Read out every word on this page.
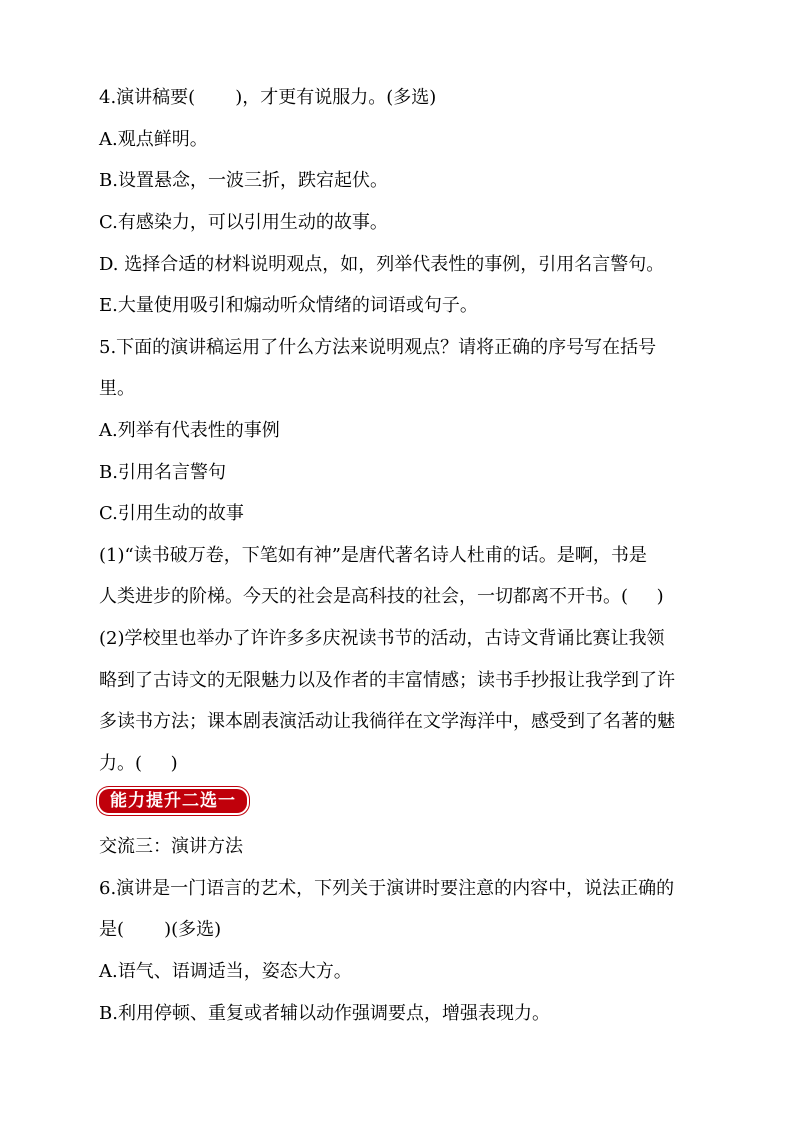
4.演讲稿要(       )，才更有说服力。(多选)
A.观点鲜明。
B.设置悬念，一波三折，跌宕起伏。
C.有感染力，可以引用生动的故事。
D. 选择合适的材料说明观点，如，列举代表性的事例，引用名言警句。
E.大量使用吸引和煽动听众情绪的词语或句子。
5.下面的演讲稿运用了什么方法来说明观点？请将正确的序号写在括号
里。
A.列举有代表性的事例
B.引用名言警句
C.引用生动的故事
(1)“读书破万卷，下笔如有神”是唐代著名诗人杜甫的话。是啊，书是
人类进步的阶梯。今天的社会是高科技的社会，一切都离不开书。(     )
(2)学校里也举办了许许多多庆祝读书节的活动，古诗文背诵比赛让我领
略到了古诗文的无限魅力以及作者的丰富情感；读书手抄报让我学到了许
多读书方法；课本剧表演活动让我徜徉在文学海洋中，感受到了名著的魅
力。(     )
能力提升二选一
交流三：演讲方法
6.演讲是一门语言的艺术，下列关于演讲时要注意的内容中，说法正确的
是(       )(多选)
A.语气、语调适当，姿态大方。
B.利用停顿、重复或者辅以动作强调要点，增强表现力。
